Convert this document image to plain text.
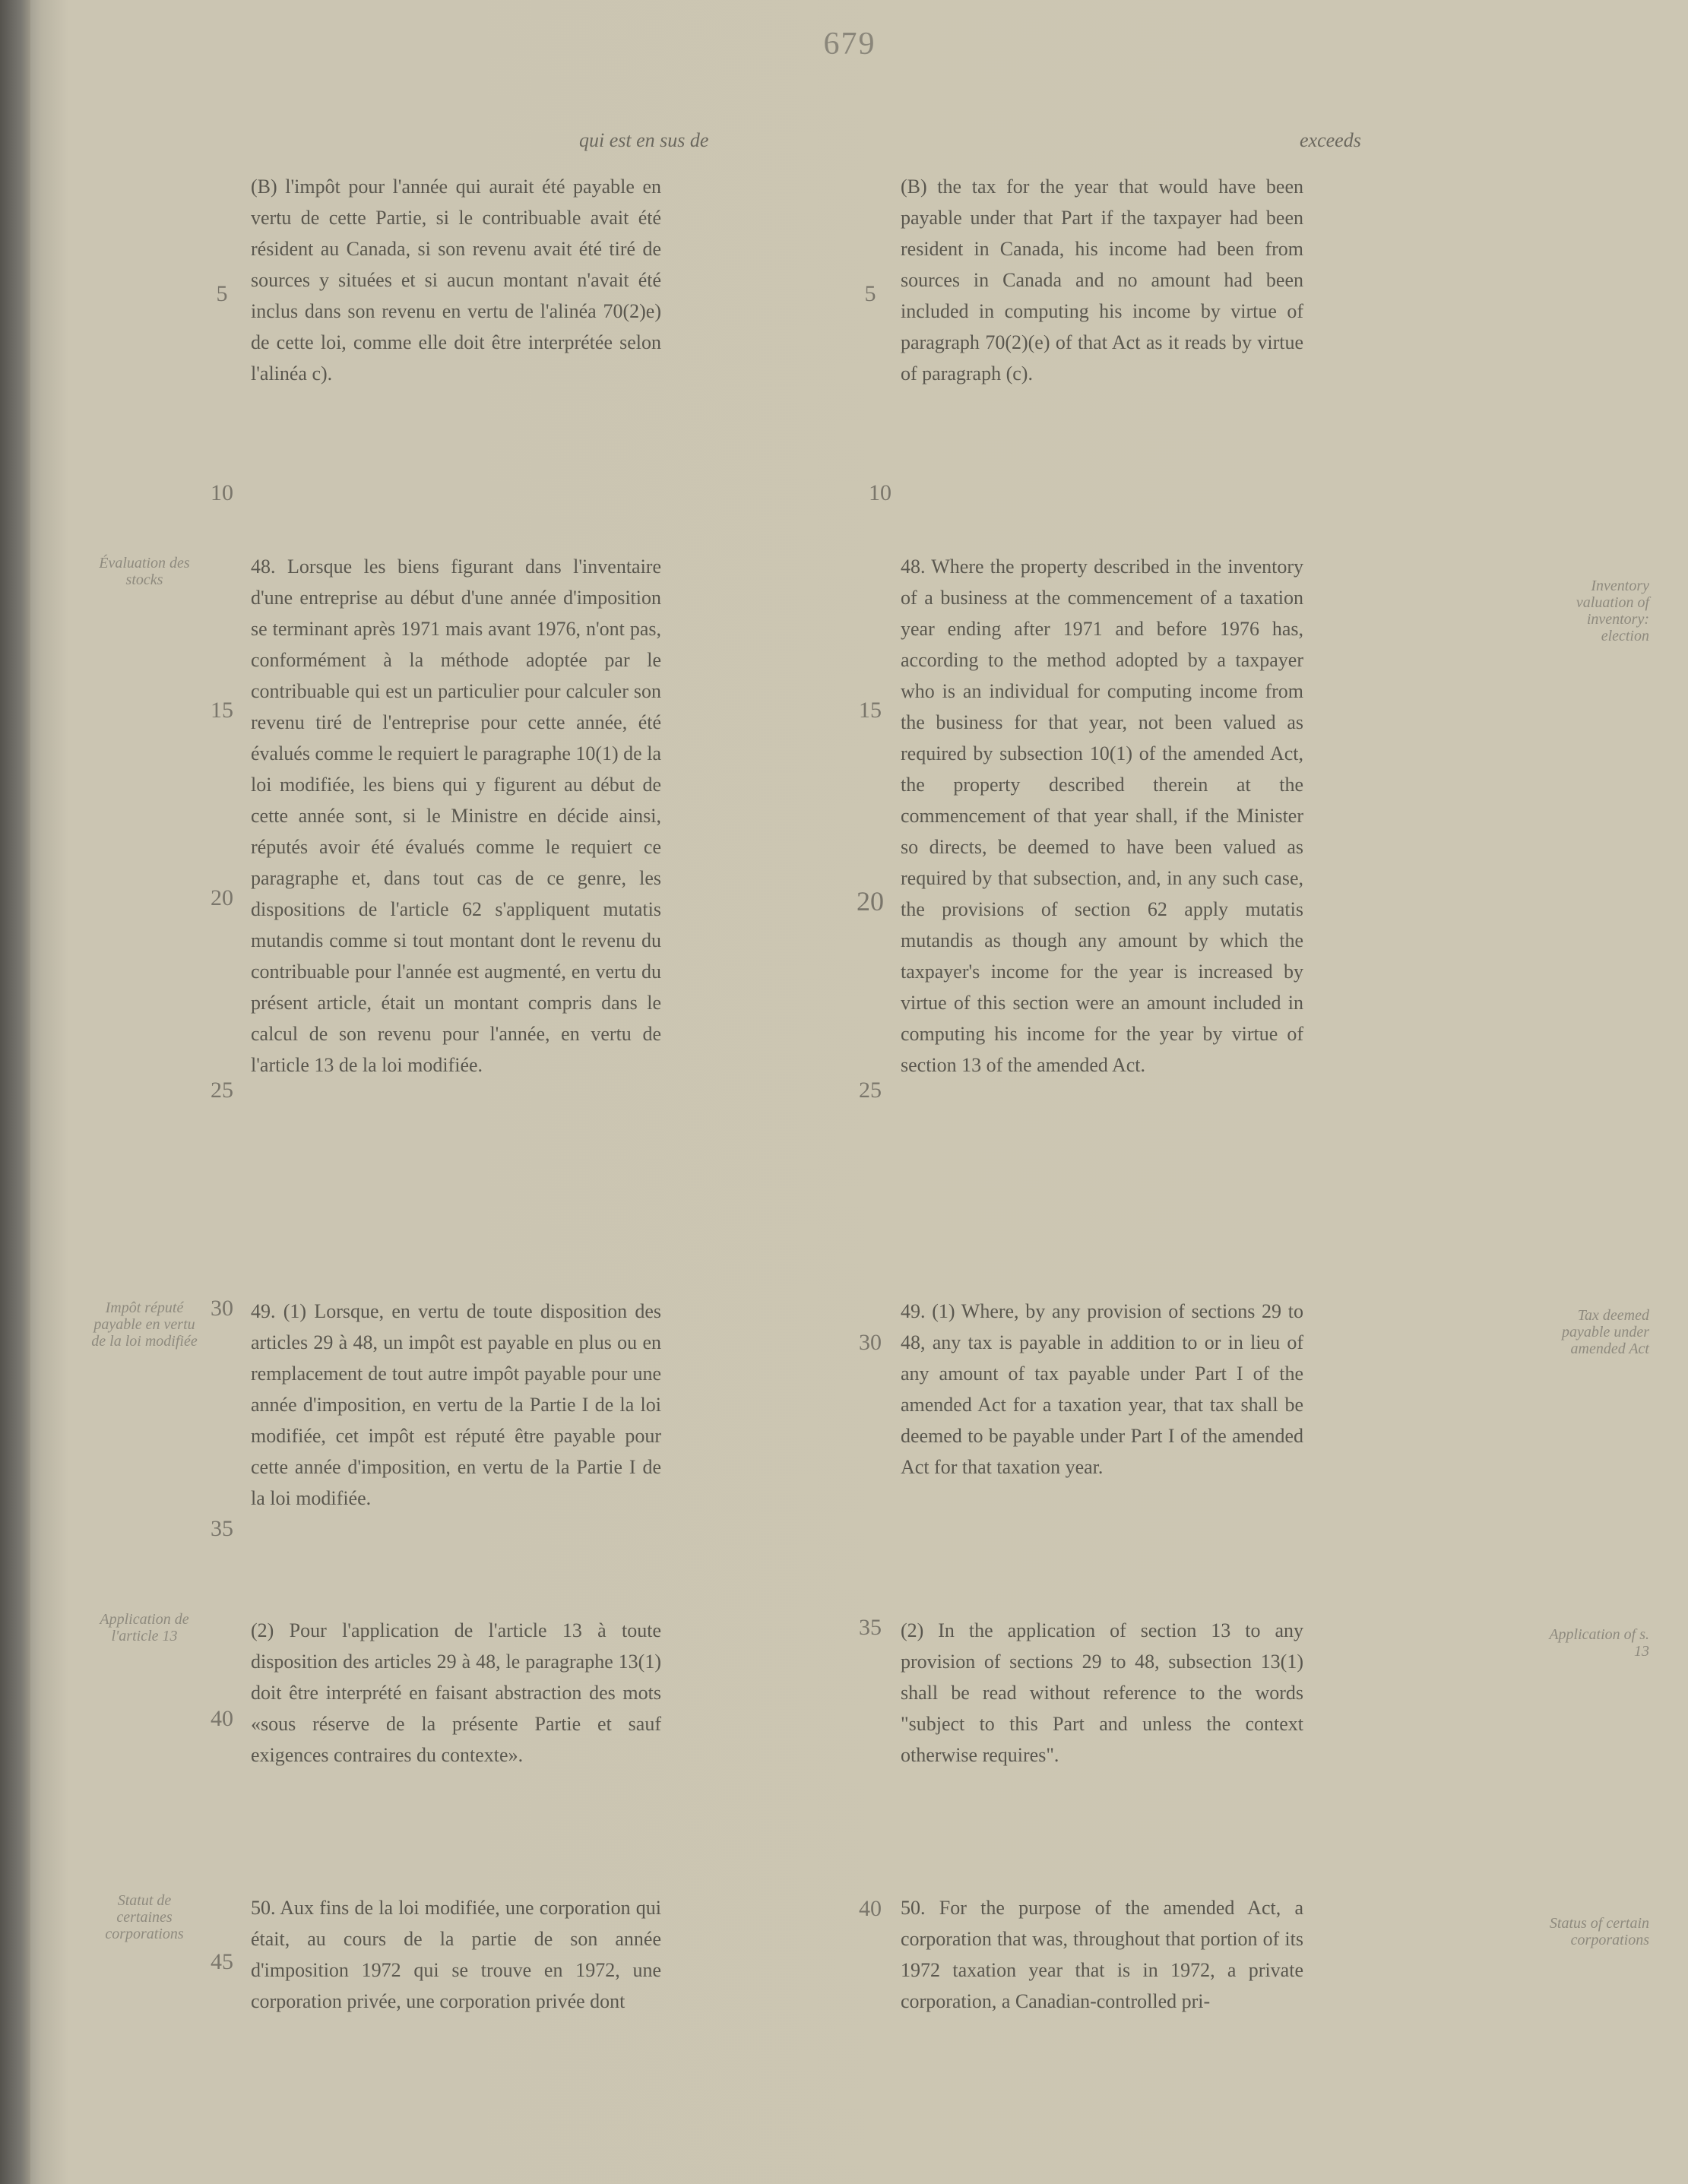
679
exceeds
qui est en sus de
(B) the tax for the year that would have been payable under that Part if the taxpayer had been resident in Canada, his income had been from sources in Canada and no amount had been included in computing his income by virtue of paragraph 70(2)(e) of that Act as it reads by virtue of paragraph (c).
48. Where the property described in the inventory of a business at the commencement of a taxation year ending after 1971 and before 1976 has, according to the method adopted by a taxpayer who is an individual for computing income from the business for that year, not been valued as required by subsection 10(1) of the amended Act, the property described therein at the commencement of that year shall, if the Minister so directs, be deemed to have been valued as required by that subsection, and, in any such case, the provisions of section 62 apply mutatis mutandis as though any amount by which the taxpayer's income for the year is increased by virtue of this section were an amount included in computing his income for the year by virtue of section 13 of the amended Act.
49. (1) Where, by any provision of sections 29 to 48, any tax is payable in addition to or in lieu of any amount of tax payable under Part I of the amended Act for a taxation year, that tax shall be deemed to be payable under Part I of the amended Act for that taxation year.
(2) In the application of section 13 to any provision of sections 29 to 48, subsection 13(1) shall be read without reference to the words "subject to this Part and unless the context otherwise requires".
50. For the purpose of the amended Act, a corporation that was, throughout that portion of its 1972 taxation year that is in 1972, a private corporation, a Canadian-controlled pri-
(B) l'impôt pour l'année qui aurait été payable en vertu de cette Partie, si le contribuable avait été résident au Canada, si son revenu avait été tiré de sources y situées et si aucun montant n'avait été inclus dans son revenu en vertu de l'alinéa 70(2)e) de cette loi, comme elle doit être interprétée selon l'alinéa c).
48. Lorsque les biens figurant dans l'inventaire d'une entreprise au début d'une année d'imposition se terminant après 1971 mais avant 1976, n'ont pas, conformément à la méthode adoptée par le contribuable qui est un particulier pour calculer son revenu tiré de l'entreprise pour cette année, été évalués comme le requiert le paragraphe 10(1) de la loi modifiée, les biens qui y figurent au début de cette année sont, si le Ministre en décide ainsi, réputés avoir été évalués comme le requiert ce paragraphe et, dans tout cas de ce genre, les dispositions de l'article 62 s'appliquent mutatis mutandis comme si tout montant dont le revenu du contribuable pour l'année est augmenté, en vertu du présent article, était un montant compris dans le calcul de son revenu pour l'année, en vertu de l'article 13 de la loi modifiée.
49. (1) Lorsque, en vertu de toute disposition des articles 29 à 48, un impôt est payable en plus ou en remplacement de tout autre impôt payable pour une année d'imposition, en vertu de la Partie I de la loi modifiée, cet impôt est réputé être payable pour cette année d'imposition, en vertu de la Partie I de la loi modifiée.
(2) Pour l'application de l'article 13 à toute disposition des articles 29 à 48, le paragraphe 13(1) doit être interprété en faisant abstraction des mots «sous réserve de la présente Partie et sauf exigences contraires du contexte».
50. Aux fins de la loi modifiée, une corporation qui était, au cours de la partie de son année d'imposition 1972 qui se trouve en 1972, une corporation privée, une corporation privée dont
5
10
15
20
25
30
35
40
5
10
15
20
25
30
35
40
45
Inventory valuation of inventory: election
Tax deemed payable under amended Act
Application of s. 13
Status of certain corporations
Évaluation des stocks
Impôt réputé payable en vertu de la loi modifiée
Application de l'article 13
Statut de certaines corporations
